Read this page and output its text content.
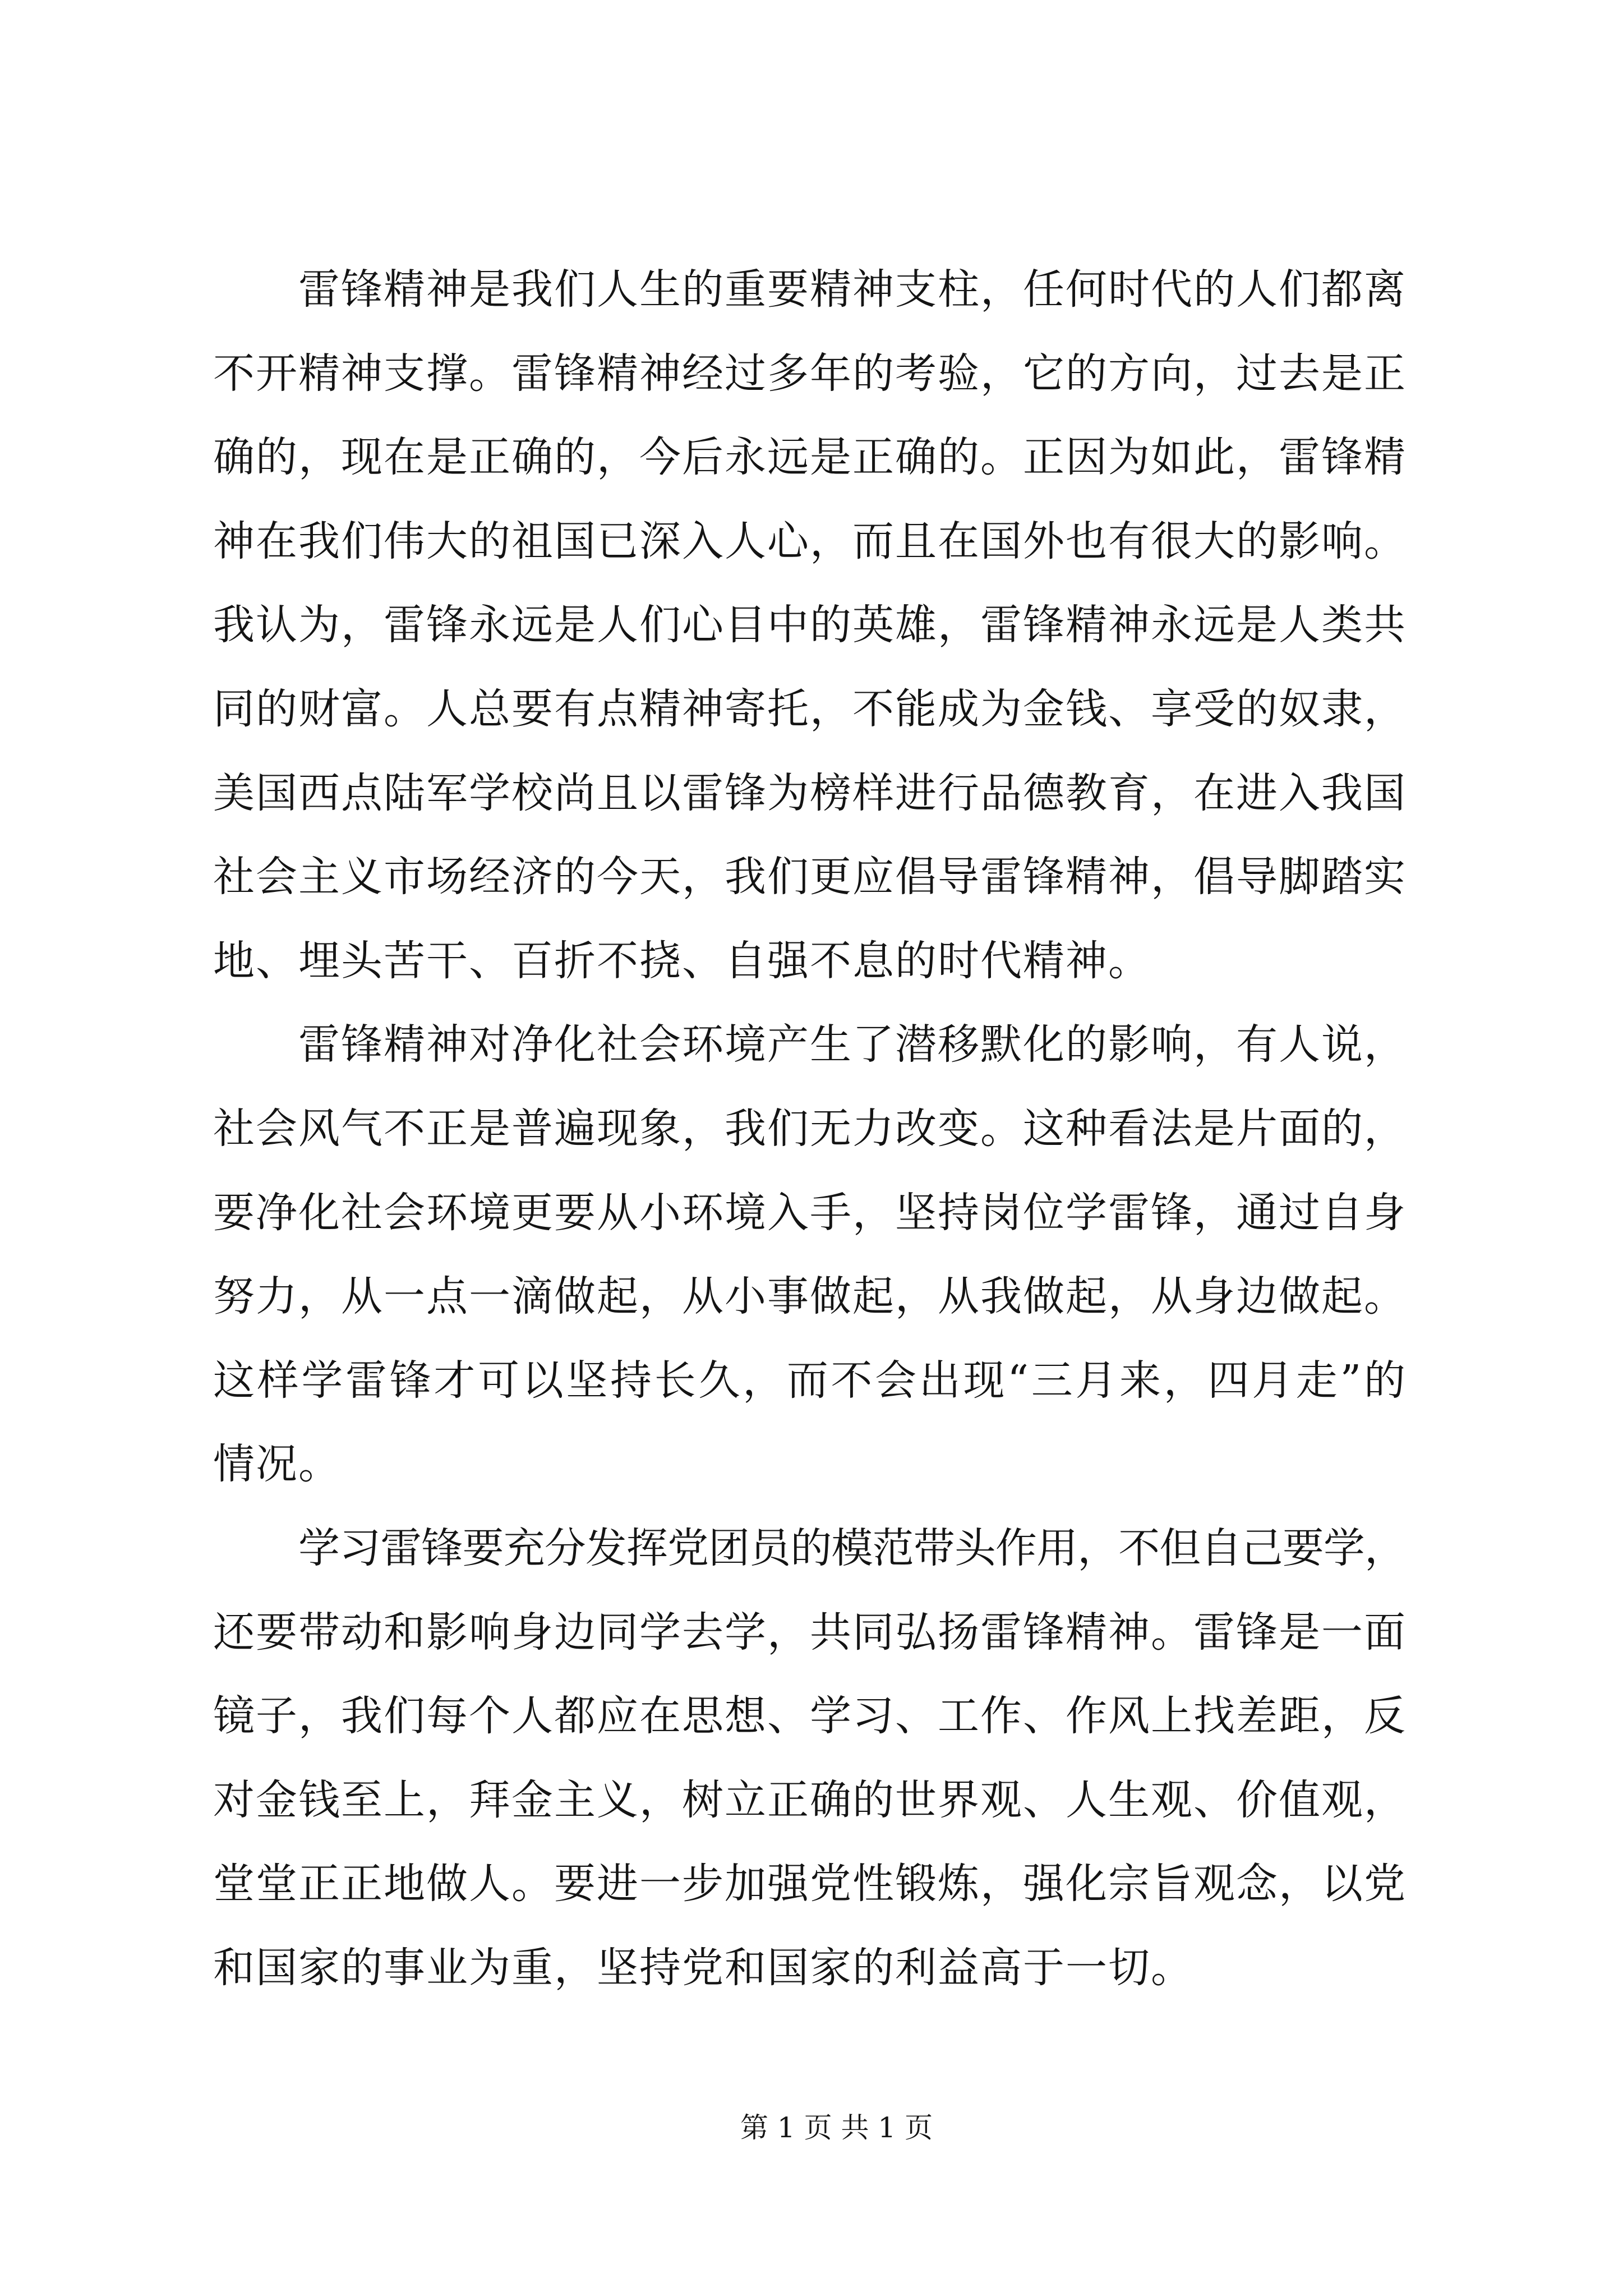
雷锋精神是我们人生的重要精神支柱，任何时代的人们都离
不开精神支撑。雷锋精神经过多年的考验，它的方向，过去是正
确的，现在是正确的，今后永远是正确的。正因为如此，雷锋精
神在我们伟大的祖国已深入人心，而且在国外也有很大的影响。
我认为，雷锋永远是人们心目中的英雄，雷锋精神永远是人类共
同的财富。人总要有点精神寄托，不能成为金钱、享受的奴隶，
美国西点陆军学校尚且以雷锋为榜样进行品德教育，在进入我国
社会主义市场经济的今天，我们更应倡导雷锋精神，倡导脚踏实
地、埋头苦干、百折不挠、自强不息的时代精神。
雷锋精神对净化社会环境产生了潜移默化的影响，有人说，
社会风气不正是普遍现象，我们无力改变。这种看法是片面的，
要净化社会环境更要从小环境入手，坚持岗位学雷锋，通过自身
努力，从一点一滴做起，从小事做起，从我做起，从身边做起。
这样学雷锋才可以坚持长久，而不会出现“三月来，四月走”的
情况。
学习雷锋要充分发挥党团员的模范带头作用，不但自己要学，
还要带动和影响身边同学去学，共同弘扬雷锋精神。雷锋是一面
镜子，我们每个人都应在思想、学习、工作、作风上找差距，反
对金钱至上，拜金主义，树立正确的世界观、人生观、价值观，
堂堂正正地做人。要进一步加强党性锻炼，强化宗旨观念，以党
和国家的事业为重，坚持党和国家的利益高于一切。
第 1 页 共 1 页
